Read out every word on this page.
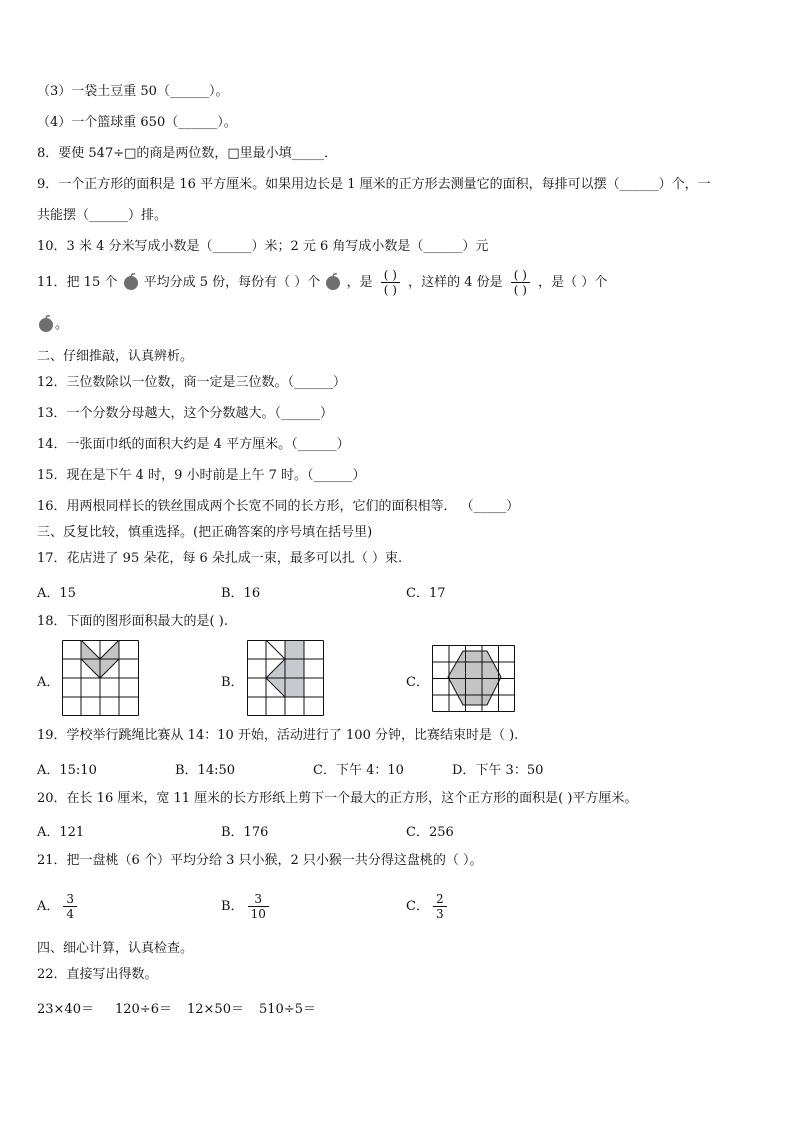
（3）一袋土豆重 50（______）。
（4）一个篮球重 650（______）。
8．要使 547÷□的商是两位数，□里最小填_____．
9．一个正方形的面积是 16 平方厘米。如果用边长是 1 厘米的正方形去测量它的面积，每排可以摆（______）个，一
共能摆（______）排。
10．3 米 4 分米写成小数是（______）米；2 元 6 角写成小数是（______）元
11．把 15 个 平均分成 5 份，每份有（ ）个 ，是 $\frac{( )}{( )}$ ，这样的 4 份是 $\frac{( )}{( )}$ ，是（ ）个
。
二、仔细推敲，认真辨析。
12．三位数除以一位数，商一定是三位数。（______）
13．一个分数分母越大，这个分数越大。（______）
14．一张面巾纸的面积大约是 4 平方厘米。（______）
15．现在是下午 4 时，9 小时前是上午 7 时。（______）
16．用两根同样长的铁丝围成两个长宽不同的长方形，它们的面积相等． （_____）
三、反复比较，慎重选择。(把正确答案的序号填在括号里)
17．花店进了 95 朵花，每 6 朵扎成一束，最多可以扎（ ）束.
A．15	B．16	C．17
18．下面的图形面积最大的是( ).
A．	B．	C．
19．学校举行跳绳比赛从 14：10 开始，活动进行了 100 分钟，比赛结束时是（ ).
A．15:10	B．14:50	C．下午 4：10	D．下午 3：50
20．在长 16 厘米，宽 11 厘米的长方形纸上剪下一个最大的正方形，这个正方形的面积是( )平方厘米。
A．121	B．176	C．256
21．把一盘桃（6 个）平均分给 3 只小猴，2 只小猴一共分得这盘桃的（ ）。
A． $\frac{3}{4}$	B． $\frac{3}{10}$	C． $\frac{2}{3}$
四、细心计算，认真检查。
22．直接写出得数。
23×40＝ 120÷6＝ 12×50＝ 510÷5＝
